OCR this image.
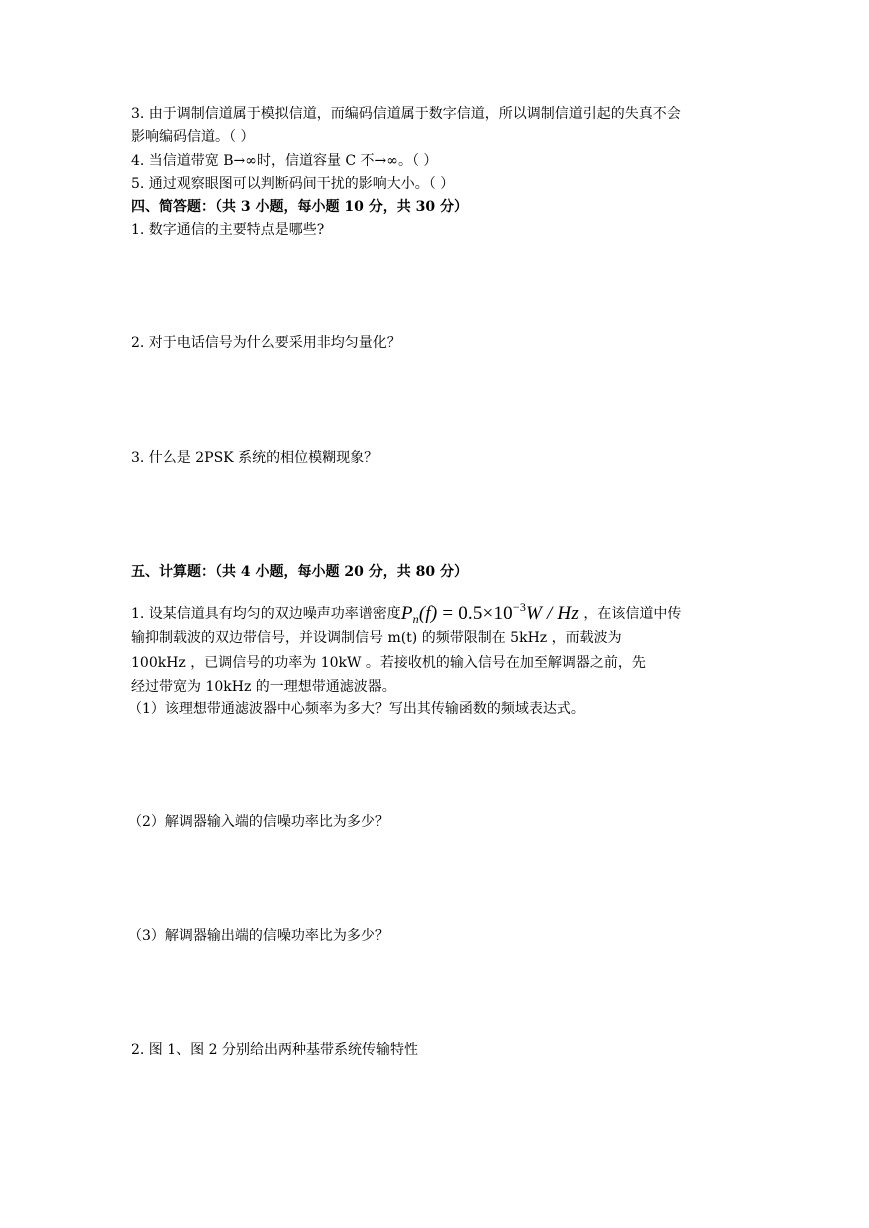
3. 由于调制信道属于模拟信道，而编码信道属于数字信道，所以调制信道引起的失真不会
影响编码信道。（ ）
4. 当信道带宽 B→∞时，信道容量 C 不→∞。（ ）
5. 通过观察眼图可以判断码间干扰的影响大小。（ ）
四、简答题：（共 3 小题，每小题 10 分，共 30 分）
1. 数字通信的主要特点是哪些?
2. 对于电话信号为什么要采用非均匀量化？
3. 什么是 2PSK 系统的相位模糊现象？
五、计算题：（共 4 小题，每小题 20 分，共 80 分）
1. 设某信道具有均匀的双边噪声功率谱密度$P_n(f) = 0.5\times 10^{-3}W / Hz$ ，在该信道中传
输抑制载波的双边带信号，并设调制信号 m(t) 的频带限制在 5kHz ，而载波为
100kHz ，已调信号的功率为 10kW 。若接收机的输入信号在加至解调器之前，先
经过带宽为 10kHz 的一理想带通滤波器。
（1）该理想带通滤波器中心频率为多大？写出其传输函数的频域表达式。
（2）解调器输入端的信噪功率比为多少？
（3）解调器输出端的信噪功率比为多少？
2. 图 1、图 2 分别给出两种基带系统传输特性
